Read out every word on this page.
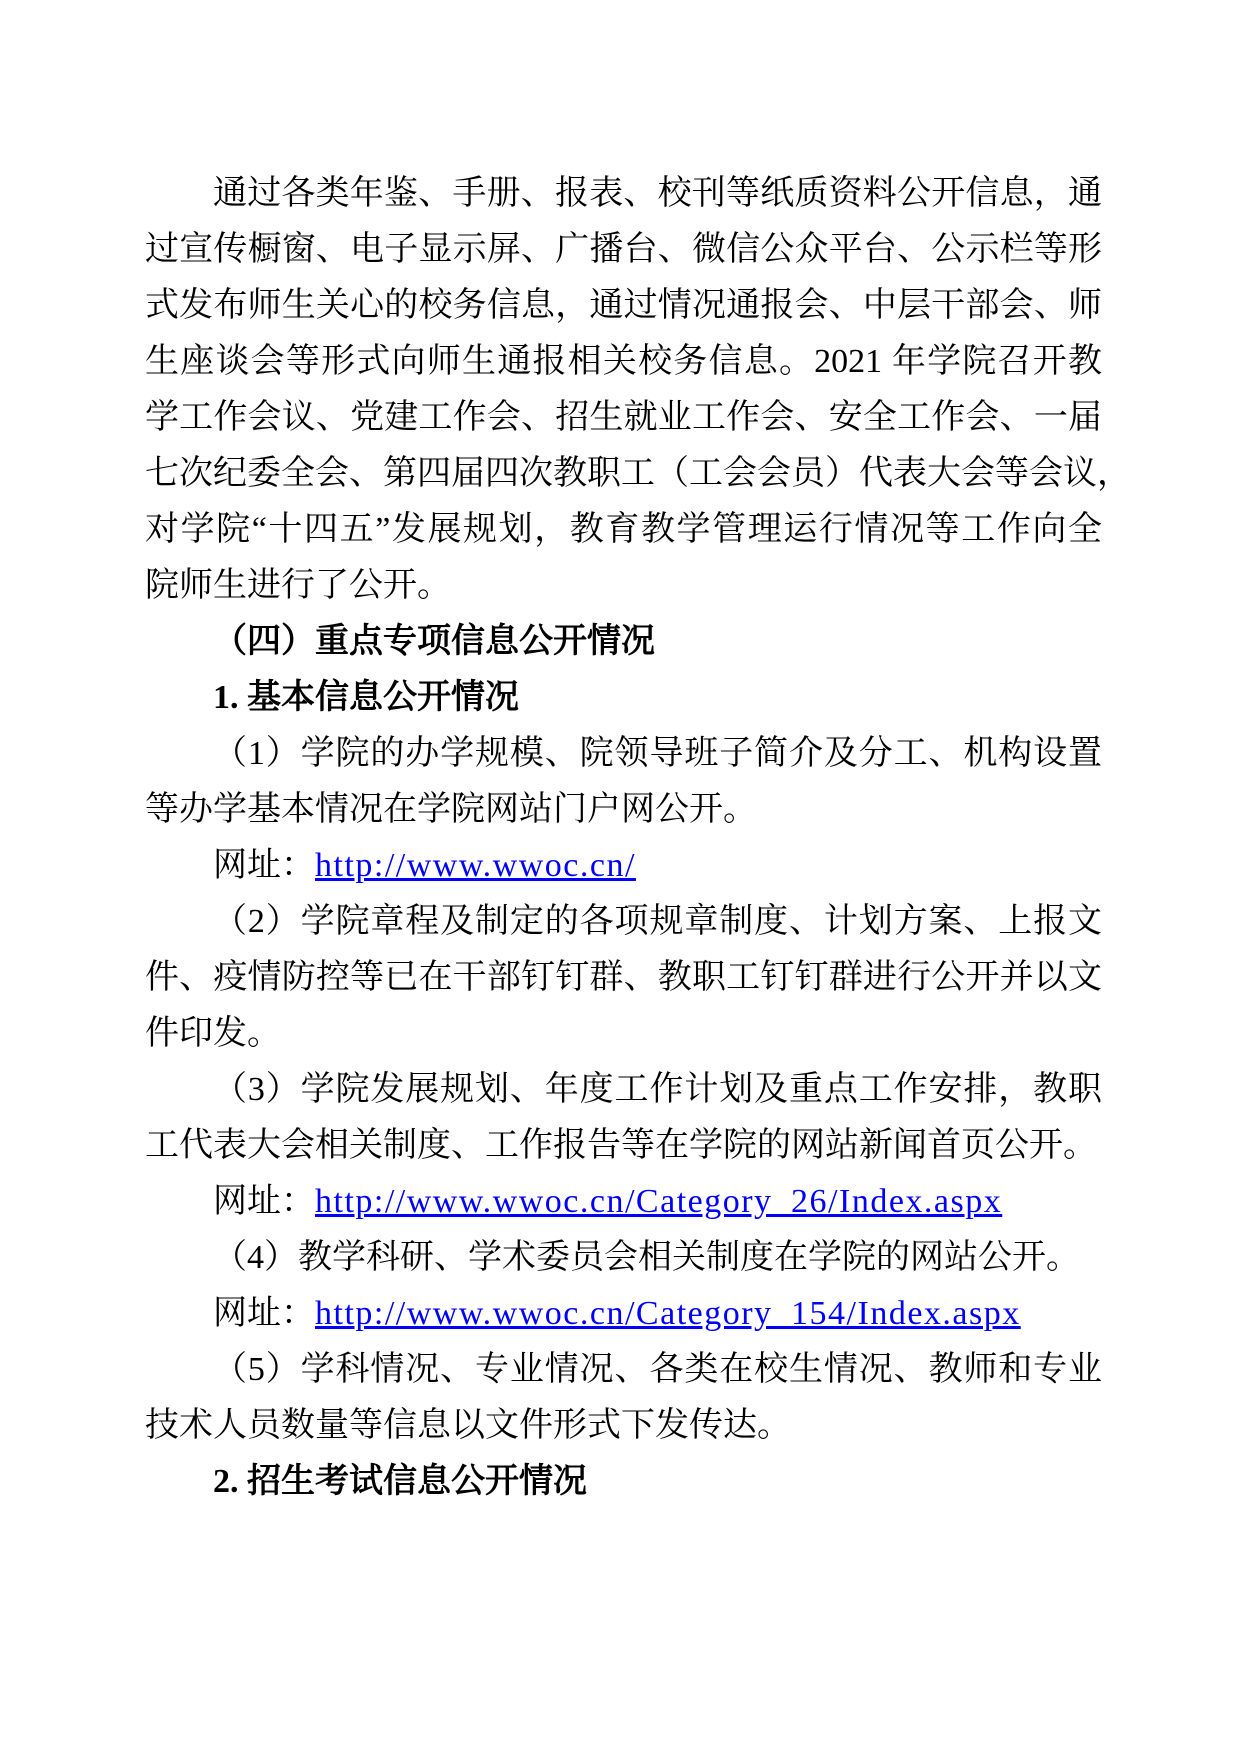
通过各类年鉴、手册、报表、校刊等纸质资料公开信息，通
过宣传橱窗、电子显示屏、广播台、微信公众平台、公示栏等形
式发布师生关心的校务信息，通过情况通报会、中层干部会、师
生座谈会等形式向师生通报相关校务信息。2021 年学院召开教
学工作会议、党建工作会、招生就业工作会、安全工作会、一届
七次纪委全会、第四届四次教职工（工会会员）代表大会等会议，
对学院“十四五”发展规划，教育教学管理运行情况等工作向全
院师生进行了公开。

（四）重点专项信息公开情况
1. 基本信息公开情况

（1）学院的办学规模、院领导班子简介及分工、机构设置
等办学基本情况在学院网站门户网公开。

网址：http://www.wwoc.cn/

（2）学院章程及制定的各项规章制度、计划方案、上报文
件、疫情防控等已在干部钉钉群、教职工钉钉群进行公开并以文
件印发。

（3）学院发展规划、年度工作计划及重点工作安排，教职
工代表大会相关制度、工作报告等在学院的网站新闻首页公开。

网址：http://www.wwoc.cn/Category_26/Index.aspx

（4）教学科研、学术委员会相关制度在学院的网站公开。

网址：http://www.wwoc.cn/Category_154/Index.aspx

（5）学科情况、专业情况、各类在校生情况、教师和专业
技术人员数量等信息以文件形式下发传达。

2. 招生考试信息公开情况
